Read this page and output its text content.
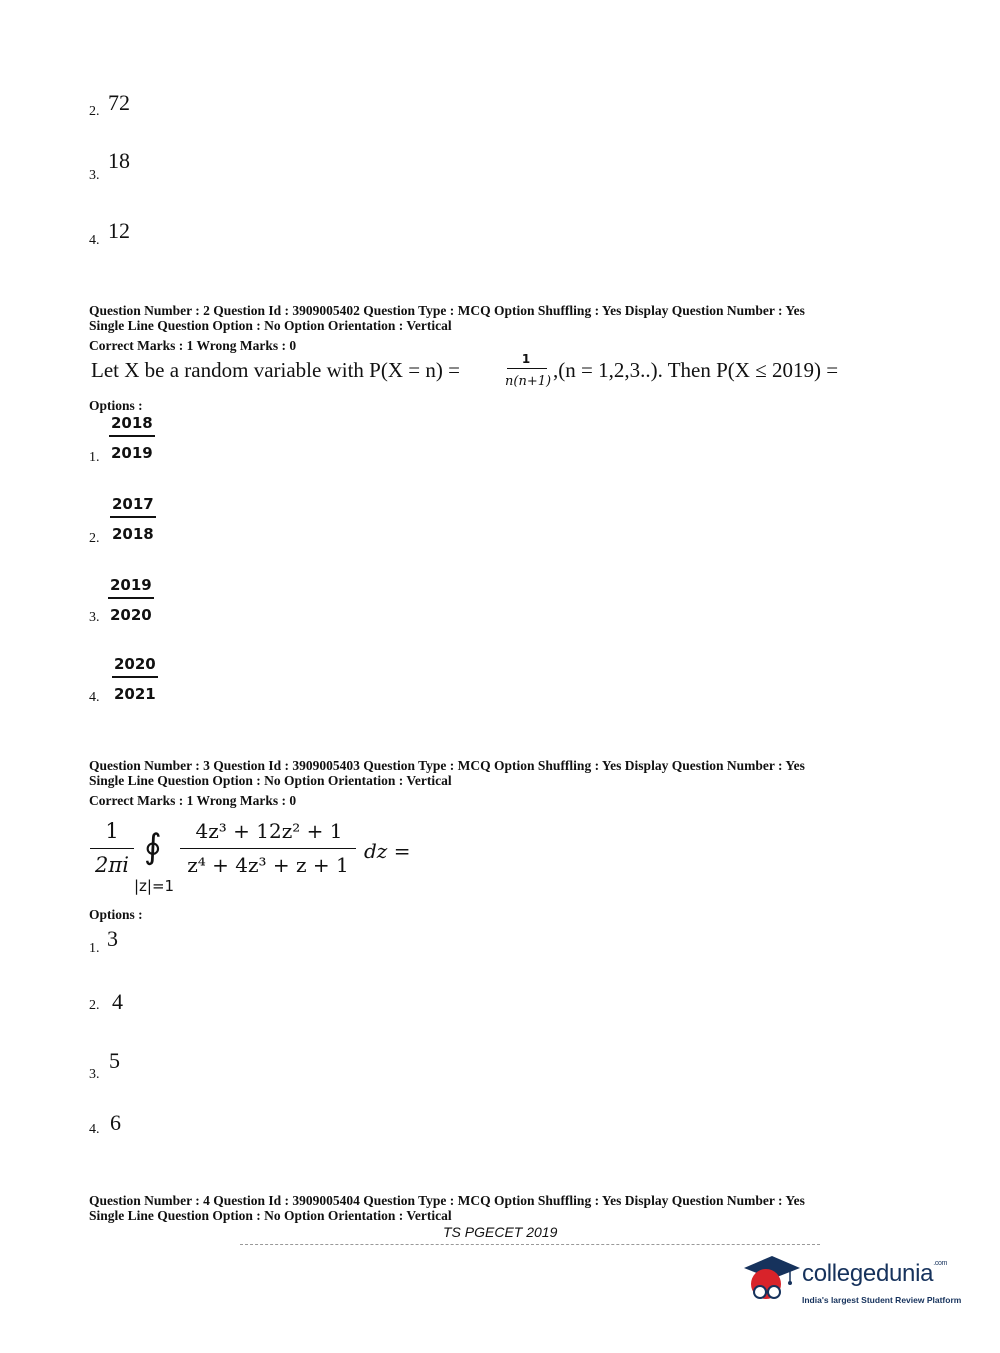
2. 72
3.
18
4. 12
Question Number : 2 Question Id : 3909005402 Question Type : MCQ Option Shuffling : Yes Display Question Number : Yes
Single Line Question Option : No Option Orientation : Vertical
Correct Marks : 1 Wrong Marks : 0
Let X be a random variable with P(X = n) =	1
n(n+1) ,(n = 1,2,3..). Then P(X ≤ 2019) =
Options :
1. $\frac{2018}{2019}$
2. $\frac{2017}{2018}$
3. $\frac{2019}{2020}$
4. $\frac{2020}{2021}$
Question Number : 3 Question Id : 3909005403 Question Type : MCQ Option Shuffling : Yes Display Question Number : Yes
Single Line Question Option : No Option Orientation : Vertical
Correct Marks : 1 Wrong Marks : 0
1
2πi ∮
|z|=1
4z³ + 12z² + 1
z⁴ + 4z³ + z + 1
dz =
Options :
1. 3
2. 4
3.
5
4. 6
Question Number : 4 Question Id : 3909005404 Question Type : MCQ Option Shuffling : Yes Display Question Number : Yes
Single Line Question Option : No Option Orientation : Vertical
TS PGECET 2019
collegedunia$^{.com}$
India's largest Student Review Platform
